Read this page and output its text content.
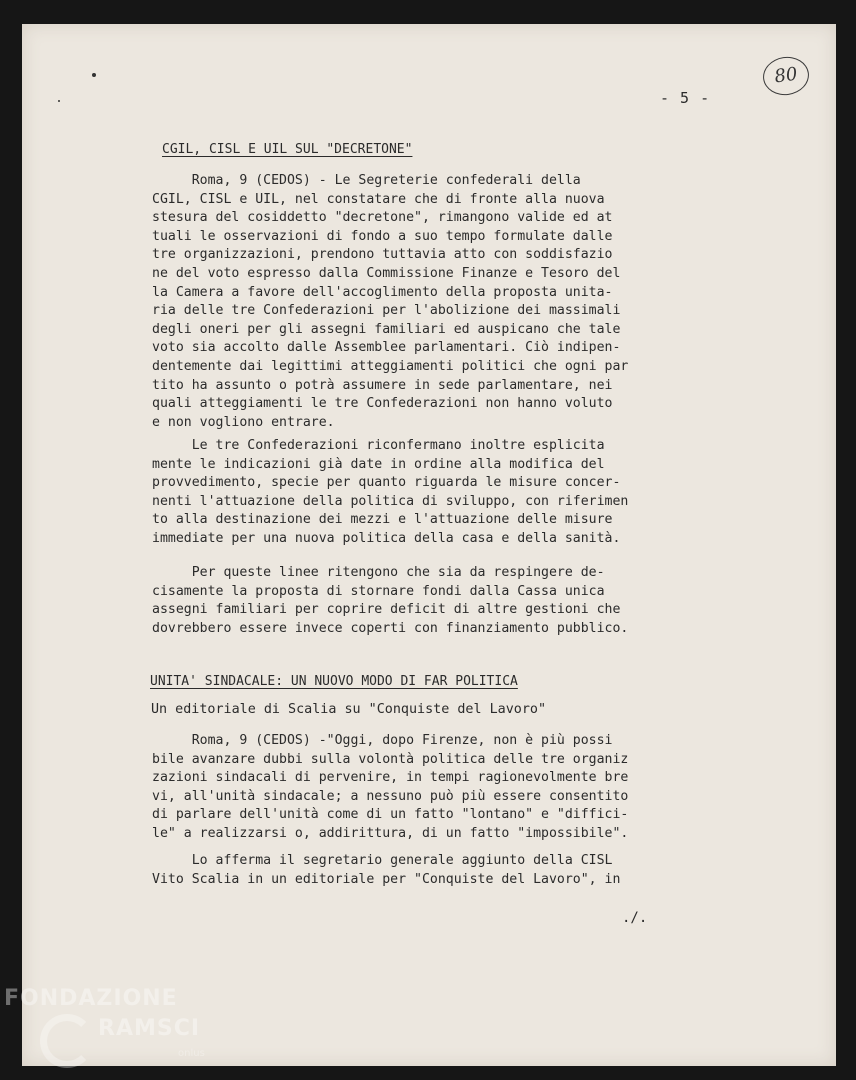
- 5 -
80
CGIL, CISL E UIL SUL "DECRETONE"
Roma, 9 (CEDOS) - Le Segreterie confederali della
CGIL, CISL e UIL, nel constatare che di fronte alla nuova
stesura del cosiddetto "decretone", rimangono valide ed at
tuali le osservazioni di fondo a suo tempo formulate dalle
tre organizzazioni, prendono tuttavia atto con soddisfazio
ne del voto espresso dalla Commissione Finanze e Tesoro del
la Camera a favore dell'accoglimento della proposta unita-
ria delle tre Confederazioni per l'abolizione dei massimali
degli oneri per gli assegni familiari ed auspicano che tale
voto sia accolto dalle Assemblee parlamentari. Ciò indipen-
dentemente dai legittimi atteggiamenti politici che ogni par
tito ha assunto o potrà assumere in sede parlamentare, nei
quali atteggiamenti le tre Confederazioni non hanno voluto
e non vogliono entrare.
Le tre Confederazioni riconfermano inoltre esplicita
mente le indicazioni già date in ordine alla modifica del
provvedimento, specie per quanto riguarda le misure concer-
nenti l'attuazione della politica di sviluppo, con riferimen
to alla destinazione dei mezzi e l'attuazione delle misure
immediate per una nuova politica della casa e della sanità.
Per queste linee ritengono che sia da respingere de-
cisamente la proposta di stornare fondi dalla Cassa unica
assegni familiari per coprire deficit di altre gestioni che
dovrebbero essere invece coperti con finanziamento pubblico.
UNITA' SINDACALE: UN NUOVO MODO DI FAR POLITICA
Un editoriale di Scalia su "Conquiste del Lavoro"
Roma, 9 (CEDOS) -"Oggi, dopo Firenze, non è più possi
bile avanzare dubbi sulla volontà politica delle tre organiz
zazioni sindacali di pervenire, in tempi ragionevolmente bre
vi, all'unità sindacale; a nessuno può più essere consentito
di parlare dell'unità come di un fatto "lontano" e "diffici-
le" a realizzarsi o, addirittura, di un fatto "impossibile".
Lo afferma il segretario generale aggiunto della CISL
Vito Scalia in un editoriale per "Conquiste del Lavoro", in
./.
FONDAZIONE
RAMSCI
onlus
